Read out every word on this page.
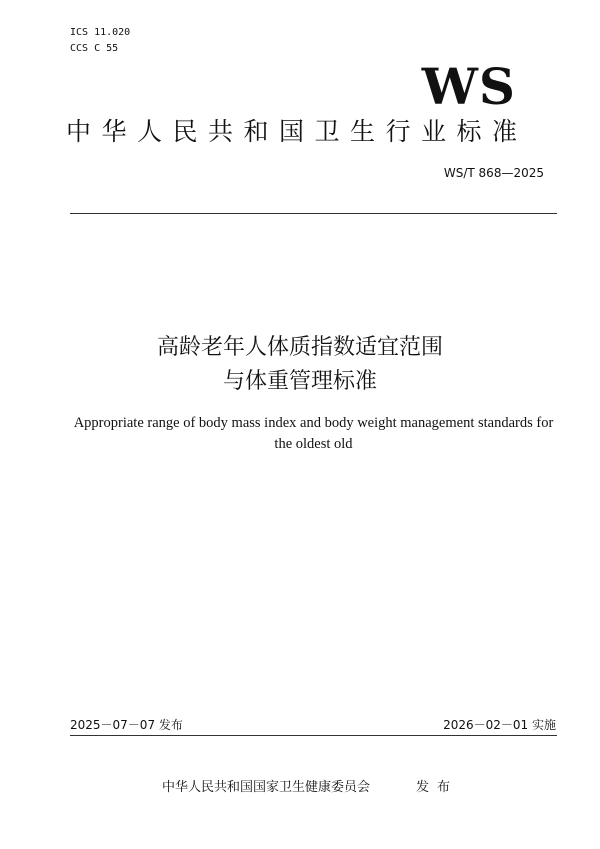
ICS 11.020
CCS C 55
WS
中华人民共和国卫生行业标准
WS/T 868—2025
高龄老年人体质指数适宜范围
与体重管理标准
Appropriate range of body mass index and body weight management standards for the oldest old
2025－07－07 发布	2026－02－01 实施
中华人民共和国国家卫生健康委员会	发布
